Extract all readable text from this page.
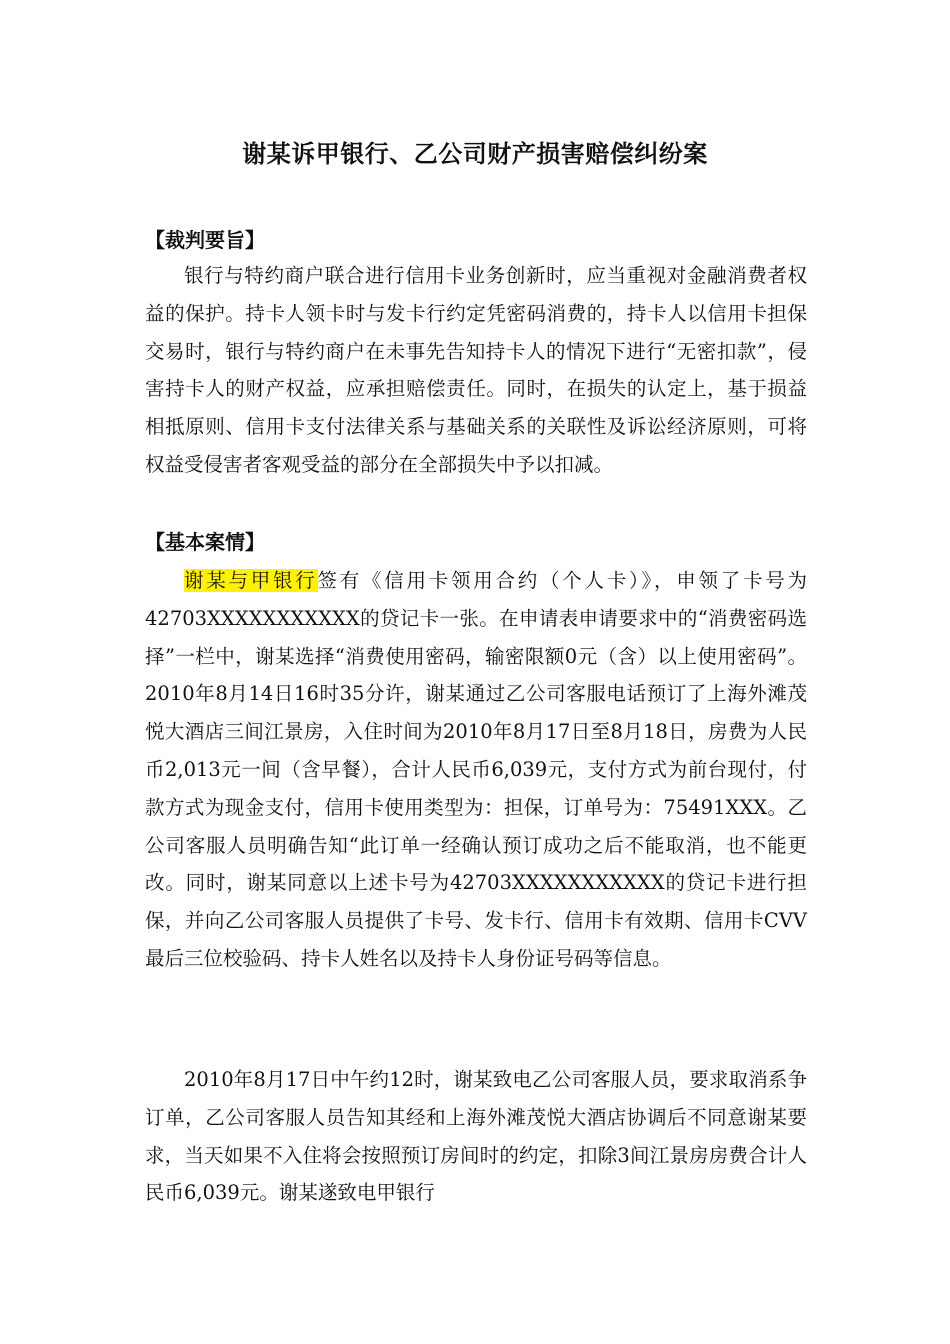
谢某诉甲银行、乙公司财产损害赔偿纠纷案
【裁判要旨】

银行与特约商户联合进行信用卡业务创新时，应当重视对金融消费者权益的保护。持卡人领卡时与发卡行约定凭密码消费的，持卡人以信用卡担保交易时，银行与特约商户在未事先告知持卡人的情况下进行“无密扣款”，侵害持卡人的财产权益，应承担赔偿责任。同时，在损失的认定上，基于损益相抵原则、信用卡支付法律关系与基础关系的关联性及诉讼经济原则，可将权益受侵害者客观受益的部分在全部损失中予以扣减。

【基本案情】

谢某与甲银行签有《信用卡领用合约（个人卡）》，申领了卡号为42703XXXXXXXXXXX的贷记卡一张。在申请表申请要求中的“消费密码选择”一栏中，谢某选择“消费使用密码，输密限额0元（含）以上使用密码”。2010年8月14日16时35分许，谢某通过乙公司客服电话预订了上海外滩茂悦大酒店三间江景房，入住时间为2010年8月17日至8月18日，房费为人民币2,013元一间（含早餐），合计人民币6,039元，支付方式为前台现付，付款方式为现金支付，信用卡使用类型为：担保，订单号为：75491XXX。乙公司客服人员明确告知“此订单一经确认预订成功之后不能取消，也不能更改。同时，谢某同意以上述卡号为42703XXXXXXXXXXX的贷记卡进行担保，并向乙公司客服人员提供了卡号、发卡行、信用卡有效期、信用卡CVV最后三位校验码、持卡人姓名以及持卡人身份证号码等信息。

2010年8月17日中午约12时，谢某致电乙公司客服人员，要求取消系争订单，乙公司客服人员告知其经和上海外滩茂悦大酒店协调后不同意谢某要求，当天如果不入住将会按照预订房间时的约定，扣除3间江景房房费合计人民币6,039元。谢某遂致电甲银行
